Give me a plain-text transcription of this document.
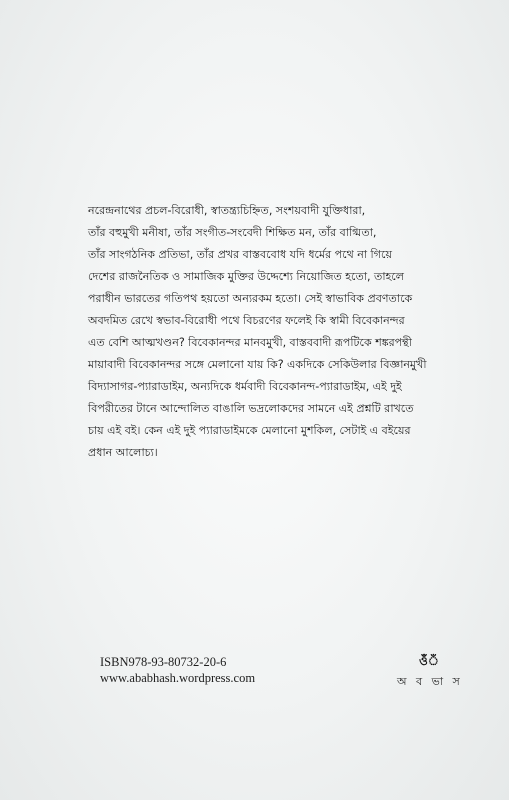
নরেন্দ্রনাথের প্রচল-বিরোধী, স্বাতন্ত্র্যচিহ্নিত, সংশয়বাদী যুক্তিধারা,

তাঁর বহুমুখী মনীষা, তাঁর সংগীত-সংবেদী শিক্ষিত মন, তাঁর বাগ্মিতা,

তাঁর সাংগঠনিক প্রতিভা, তাঁর প্রখর বাস্তববোধ যদি ধর্মের পথে না গিয়ে

দেশের রাজনৈতিক ও সামাজিক মুক্তির উদ্দেশ্যে নিয়োজিত হতো, তাহলে

পরাধীন ভারতের গতিপথ হয়তো অন্যরকম হতো। সেই স্বাভাবিক প্রবণতাকে

অবদমিত রেখে স্বভাব-বিরোধী পথে বিচরণের ফলেই কি স্বামী বিবেকানন্দর

এত বেশি আত্মখণ্ডন? বিবেকানন্দর মানবমুখী, বাস্তববাদী রূপটিকে শঙ্করপন্থী

মায়াবাদী বিবেকানন্দর সঙ্গে মেলানো যায় কি? একদিকে সেকিউলার বিজ্ঞানমুখী

বিদ্যাসাগর-প্যারাডাইম, অন্যদিকে ধর্মবাদী বিবেকানন্দ-প্যারাডাইম, এই দুই

বিপরীতের টানে আন্দোলিত বাঙালি ভদ্রলোকদের সামনে এই প্রশ্নটি রাখতে

চায় এই বই। কেন এই দুই প্যারাডাইমকে মেলানো মুশকিল, সেটাই এ বইয়ের

প্রধান আলোচ্য।

ISBN978-93-80732-20-6
www.ababhash.wordpress.com
ওঁঁঁ
অ ব ভা স
